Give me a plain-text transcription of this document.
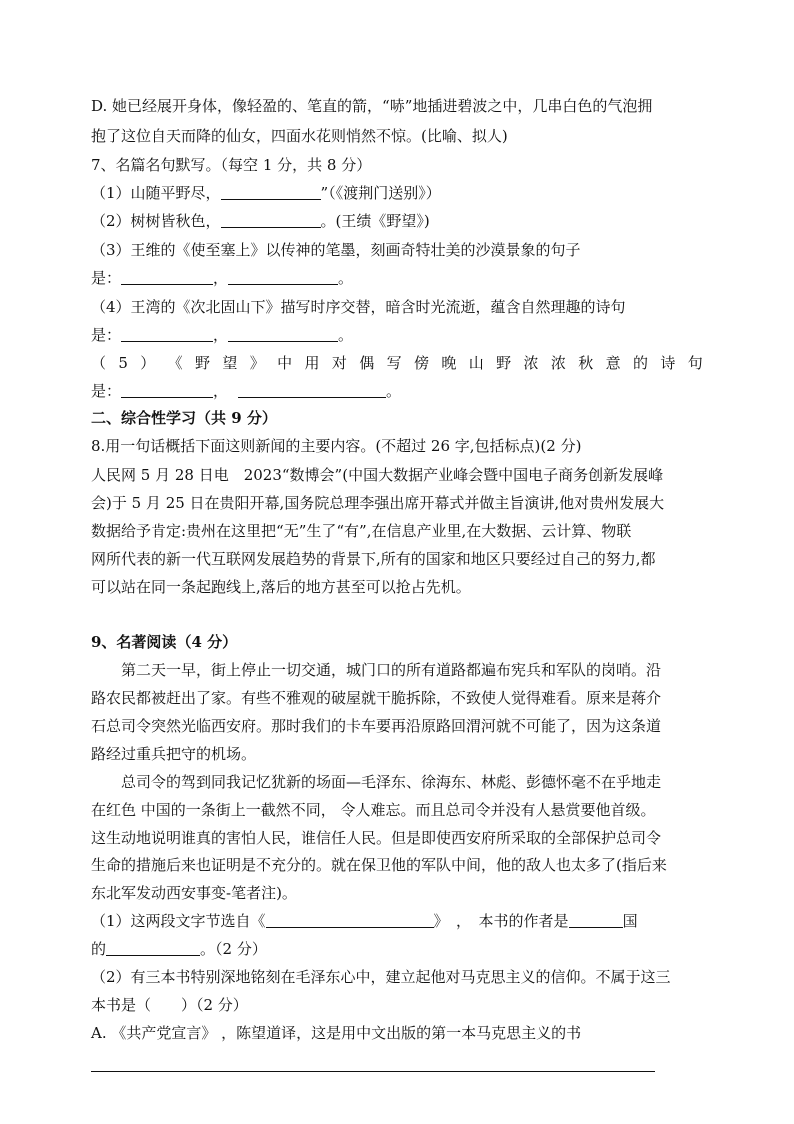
D. 她已经展开身体，像轻盈的、笔直的箭，“哧”地插进碧波之中，几串白色的气泡拥
抱了这位自天而降的仙女，四面水花则悄然不惊。(比喻、拟人)
7、名篇名句默写。（每空 1 分，共 8 分）
（1）山随平野尽，	”（《渡荆门送别》）
（2）树树皆秋色，	。(王绩《野望》)
（3）王维的《使至塞上》以传神的笔墨，刻画奇特壮美的沙漠景象的句子
是：	，	。
（4）王湾的《次北固山下》描写时序交替，暗含时光流逝，蕴含自然理趣的诗句
是：	，	。
（ 5 ） 《 野 望 》 中 用 对 偶 写 傍 晚 山 野 浓 浓 秋 意 的 诗 句
是：	，	。
二、综合性学习（共 9 分）
8.用一句话概括下面这则新闻的主要内容。(不超过 26 字,包括标点)(2 分)
人民网 5 月 28 日电　2023“数博会”(中国大数据产业峰会暨中国电子商务创新发展峰
会)于 5 月 25 日在贵阳开幕,国务院总理李强出席开幕式并做主旨演讲,他对贵州发展大
数据给予肯定:贵州在这里把“无”生了“有”,在信息产业里,在大数据、云计算、物联
网所代表的新一代互联网发展趋势的背景下,所有的国家和地区只要经过自己的努力,都
可以站在同一条起跑线上,落后的地方甚至可以抢占先机。
9、名著阅读（4 分）
第二天一早，街上停止一切交通，城门口的所有道路都遍布宪兵和军队的岗哨。沿
路农民都被赶出了家。有些不雅观的破屋就干脆拆除，不致使人觉得难看。原来是蒋介
石总司令突然光临西安府。那时我们的卡车要再沿原路回渭河就不可能了，因为这条道
路经过重兵把守的机场。
总司令的驾到同我记忆犹新的场面—毛泽东、徐海东、林彪、彭德怀毫不在乎地走
在红色 中国的一条街上一截然不同， 令人难忘。而且总司令并没有人悬赏要他首级。
这生动地说明谁真的害怕人民，谁信任人民。但是即使西安府所采取的全部保护总司令
生命的措施后来也证明是不充分的。就在保卫他的军队中间，他的敌人也太多了(指后来
东北军发动西安事变-笔者注)。
（1）这两段文字节选自《	》　，　本书的作者是	国
的	。（2 分）
（2）有三本书特别深地铭刻在毛泽东心中，建立起他对马克思主义的信仰。不属于这三
本书是（　　）（2 分）
A. 《共产党宣言》 ，陈望道译，这是用中文出版的第一本马克思主义的书
